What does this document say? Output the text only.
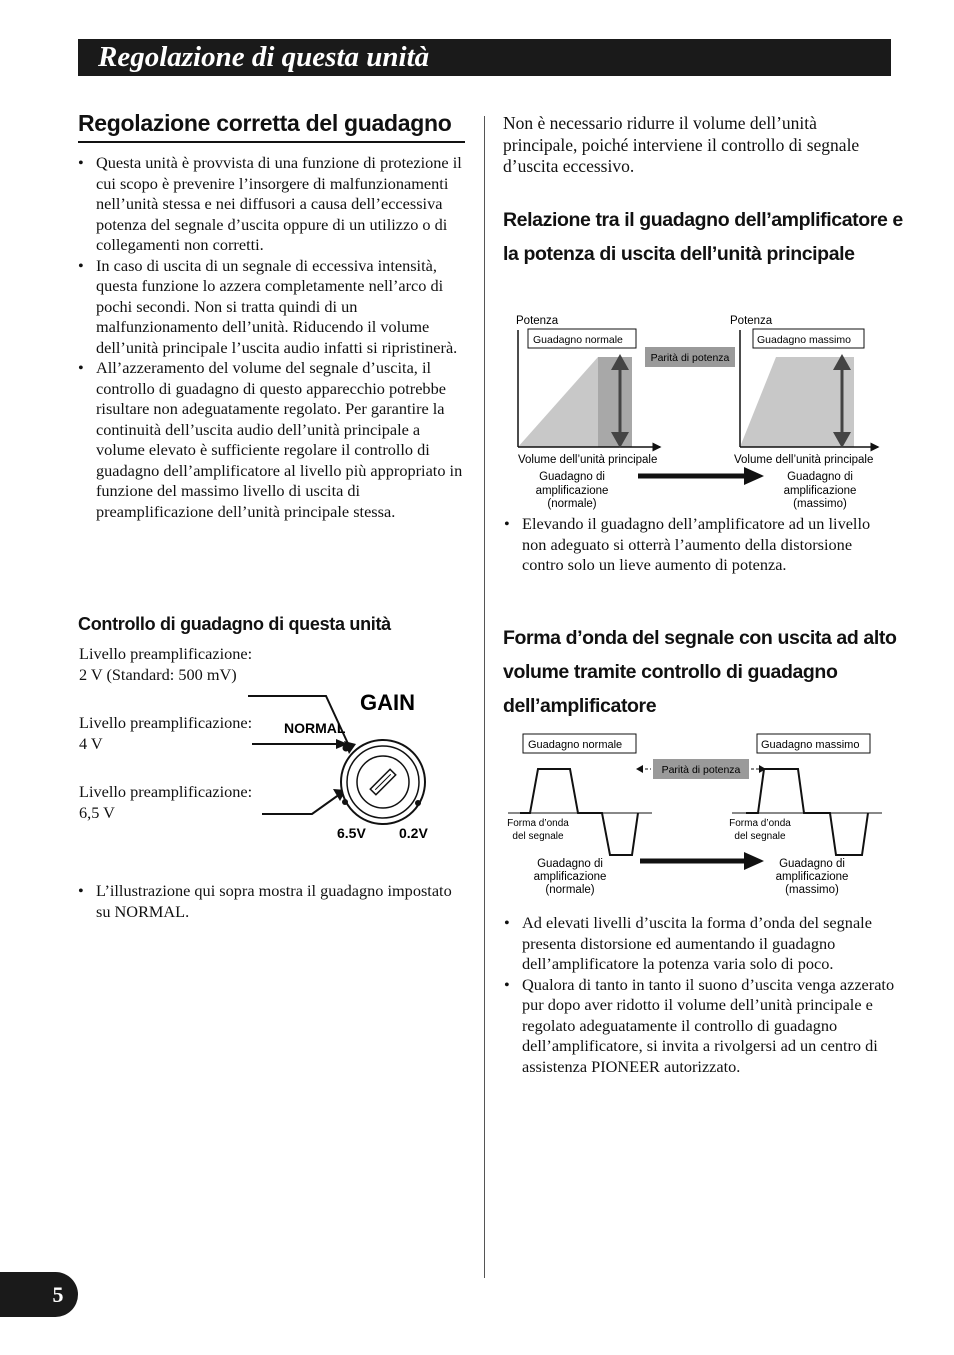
Regolazione di questa unità
Regolazione corretta del guadagno
• Questa unità è provvista di una funzione di protezione il cui scopo è prevenire l’insorgere di malfunzionamenti nell’unità stessa e nei diffusori a causa dell’eccessiva potenza del segnale d’uscita oppure di un utilizzo o di collegamenti non corretti.
• In caso di uscita di un segnale di eccessiva intensità, questa funzione lo azzera completamente nell’arco di pochi secondi. Non si tratta quindi di un malfunzionamento dell’unità. Riducendo il volume dell’unità principale l’uscita audio infatti si ripristinerà.
• All’azzeramento del volume del segnale d’uscita, il controllo di guadagno di questo apparecchio potrebbe risultare non adeguatamente regolato. Per garantire la continuità dell’uscita audio dell’unità principale a volume elevato è sufficiente regolare il controllo di guadagno dell’amplificatore al livello più appropriato in funzione del massimo livello di uscita di preamplificazione dell’unità principale stessa.
Controllo di guadagno di questa unità
Livello preamplificazione: 2 V (Standard: 500 mV)
Livello preamplificazione: 4 V
Livello preamplificazione: 6,5 V
GAIN
NORMAL
6.5V 0.2V
• L’illustrazione qui sopra mostra il guadagno impostato su NORMAL.
Non è necessario ridurre il volume dell’unità principale, poiché interviene il controllo di segnale d’uscita eccessivo.
Relazione tra il guadagno dell’amplificatore e la potenza di uscita dell’unità principale
Potenza
Guadagno normale
Volume dell’unità principale
Guadagno di
amplificazione
(normale)
Parità di potenza
Potenza
Guadagno massimo
Volume dell’unità principale
Guadagno di
amplificazione
(massimo)
• Elevando il guadagno dell’amplificatore ad un livello non adeguato si otterrà l’aumento della distorsione contro solo un lieve aumento di potenza.
Forma d’onda del segnale con uscita ad alto volume tramite controllo di guadagno dell’amplificatore
Guadagno normale	Guadagno massimo
Parità di potenza
Forma d’onda
del segnale
Guadagno di
amplificazione
(normale)
Forma d’onda
del segnale
Guadagno di
amplificazione
(massimo)
• Ad elevati livelli d’uscita la forma d’onda del segnale presenta distorsione ed aumentando il guadagno dell’amplificatore la potenza varia solo di poco.
• Qualora di tanto in tanto il suono d’uscita venga azzerato pur dopo aver ridotto il volume dell’unità principale e regolato adeguatamente il controllo di guadagno dell’amplificatore, si invita a rivolgersi ad un centro di assistenza PIONEER autorizzato.
5
